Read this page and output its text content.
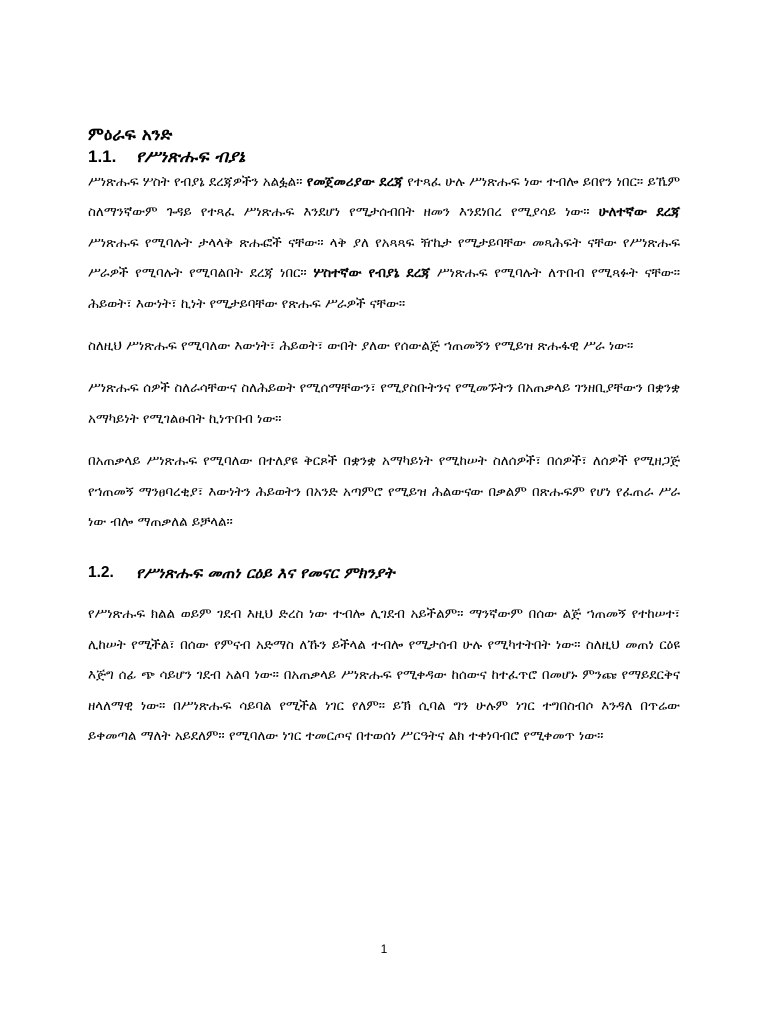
ምዕራፍ አንድ
1.1.	የሥነጽሑፍ ብያኔ

ሥነጽሑፍ ሦስት የብያኔ ደረጃዎችን አልፏል። የመጀመሪያው ደረጃ የተጻፈ ሁሉ ሥነጽሑፍ ነው ተብሎ ይበየን ነበር። ይኼም ስለማንኛውም ጉዳይ የተጻፈ ሥነጽሑፍ እንደሆነ የሚታሰብበት ዘመን እንደነበረ የሚያሳይ ነው። ሁለተኛው ደረጃ ሥነጽሑፍ የሚባሉት ታላላቅ ጽሑፎች ናቸው። ላቅ ያለ የአጻጻፍ ዥኬታ የሚታይባቸው መጻሕፍት ናቸው የሥነጽሑፍ ሥራዎች የሚባሉት የሚባልበት ደረጃ ነበር። ሦስተኛው የብያኔ ደረጃ ሥነጽሑፍ የሚባሉት ለጥበብ የሚጻፉት ናቸው። ሕይወት፣ እውነት፣ ኪነት የሚታይባቸው የጽሑፍ ሥራዎች ናቸው።

ስለዚህ ሥነጽሑፍ የሚባለው እውነት፣ ሕይወት፣ ውበት ያለው የሰውልጅ ኀጠመኝን የሚይዝ ጽሑፋዊ ሥራ ነው።

ሥነጽሑፍ ሰዎች ስለራሳቸውና ስለሕይወት የሚሰማቸውን፣ የሚያስቡትንና የሚመኙትን በአጠቃላይ ገንዘቢያቸውን በቋንቋ አማካይነት የሚገልፁበት ኪነጥበብ ነው።

በአጠቃላይ ሥነጽሑፍ የሚባለው በተለያዩ ቅርጾች በቋንቋ አማካይነት የሚከሠት ስለሰዎች፣ በሰዎች፣ ለሰዎች የሚዘጋጅ የኀጠመኝ ማንፀባረቂያ፣ እውነትን ሕይወትን በአንድ አጣምሮ የሚይዝ ሕልውናው በቃልም በጽሑፍም የሆነ የፈጠራ ሥራ ነው ብሎ ማጠቃለል ይቻላል።

1.2.	የሥነጽሑፍ መጠነ ርዕይ እና የመናር ምክንያት

የሥነጽሑፍ ክልል ወይም ገደብ እዚህ ድረስ ነው ተብሎ ሊገደብ አይችልም። ማንኛውም በሰው ልጅ ኀጠመኝ የተከሠተ፣ ሊከሠት የሚችል፣ በሰው የምናብ አድማስ ለኹን ይችላል ተብሎ የሚታሰብ ሁሉ የሚካተትበት ነው። ስለዚህ መጠነ ርዕዩ እጅግ ሰፊ ጭ ሳይሆን ገደብ አልባ ነው። በአጠቃላይ ሥነጽሑፍ የሚቀዳው ከሰውና ከተፈጥሮ በመሆኑ ምንጩ የማይደርቅና ዘላለማዊ ነው። በሥነጽሑፍ ሳይባል የሚችል ነገር የለም። ይኽ ሲባል ግን ሁሉም ነገር ተግበስብሶ እንዳለ በጥሬው ይቀመጣል ማለት አይደለም። የሚባለው ነገር ተመርጦና በተወሰነ ሥርዓትና ልክ ተቀነባብሮ የሚቀመጥ ነው።

1
